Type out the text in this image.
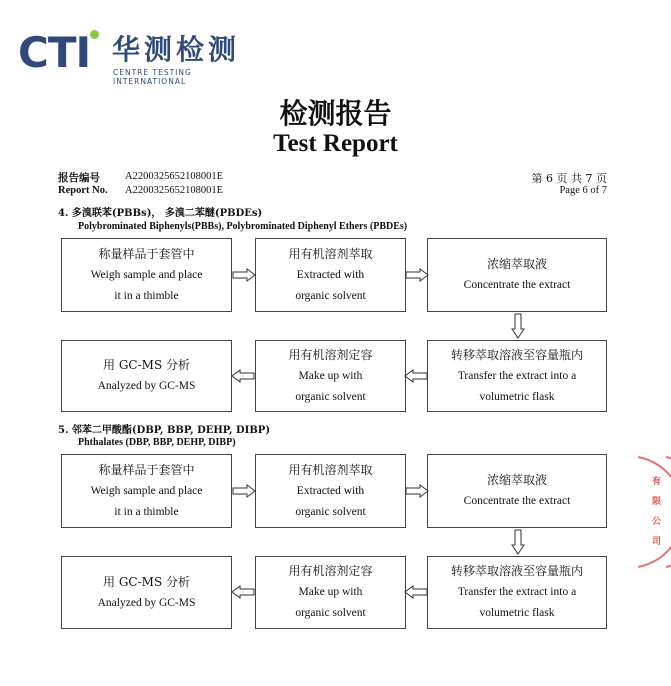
CTI 华测检测
CENTRE TESTING INTERNATIONAL
检测报告
Test Report
报告编号 A2200325652108001E
Report No. A2200325652108001E
第 6 页 共 7 页
Page 6 of 7
4. 多溴联苯(PBBs)， 多溴二苯醚(PBDEs)
Polybrominated Biphenyls(PBBs), Polybrominated Diphenyl Ethers (PBDEs)
称量样品于套管中
Weigh sample and place
it in a thimble
用有机溶剂萃取
Extracted with
organic solvent
浓缩萃取液
Concentrate the extract
转移萃取溶液至容量瓶内
Transfer the extract into a
volumetric flask
用有机溶剂定容
Make up with
organic solvent
用 GC-MS 分析
Analyzed by GC-MS
5. 邻苯二甲酸酯(DBP, BBP, DEHP, DIBP)
Phthalates (DBP, BBP, DEHP, DIBP)
称量样品于套管中
Weigh sample and place
it in a thimble
用有机溶剂萃取
Extracted with
organic solvent
浓缩萃取液
Concentrate the extract
转移萃取溶液至容量瓶内
Transfer the extract into a
volumetric flask
用有机溶剂定容
Make up with
organic solvent
用 GC-MS 分析
Analyzed by GC-MS
有限公司
